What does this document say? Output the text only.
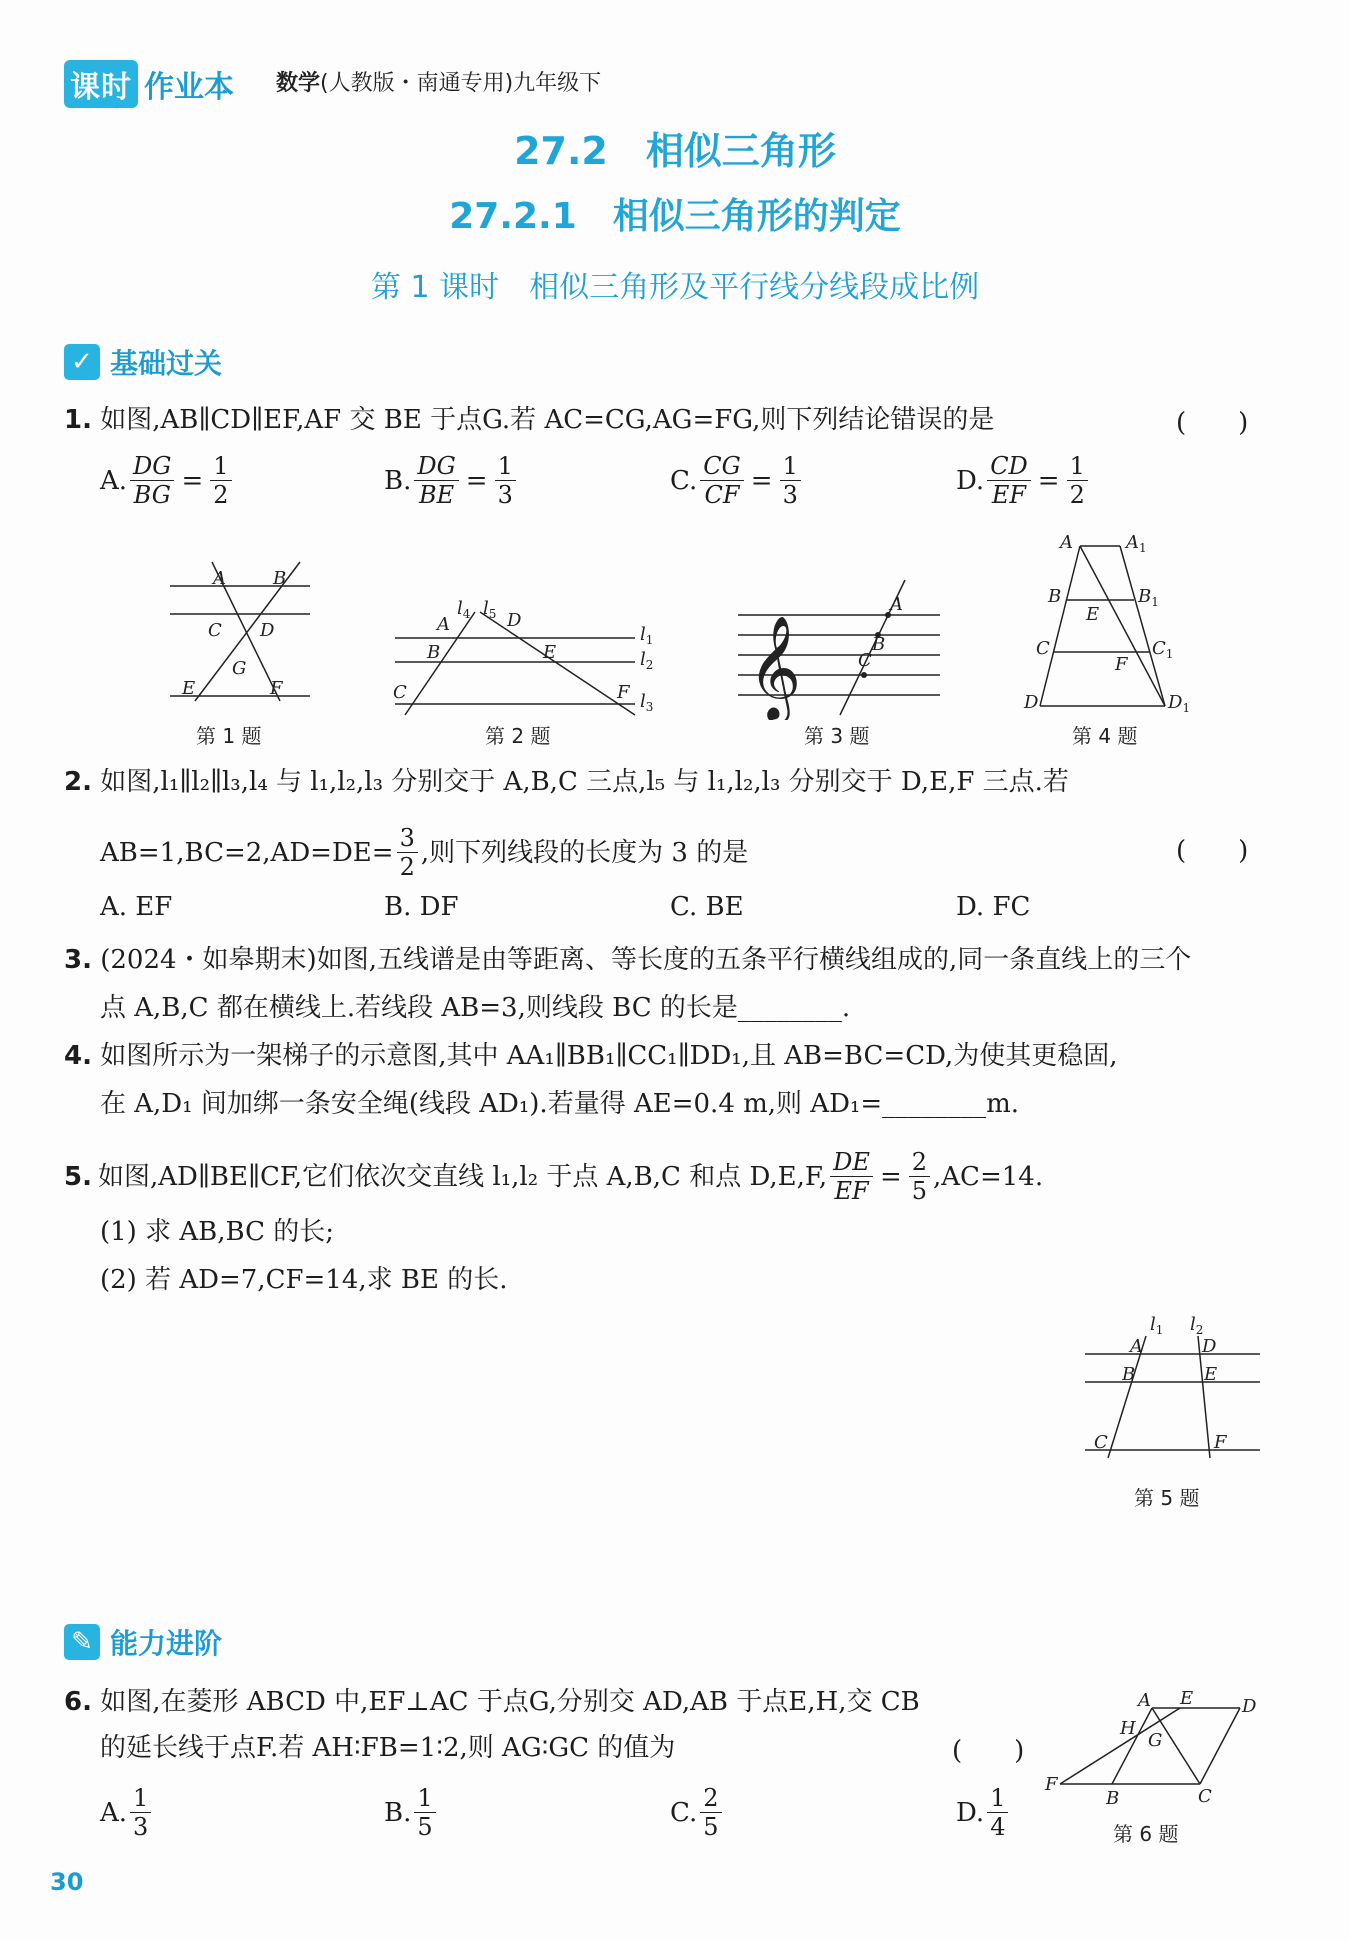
课时 作业本 数学(人教版・南通专用)九年级下
27.2　相似三角形
27.2.1　相似三角形的判定
第 1 课时　相似三角形及平行线分线段成比例
✓ 基础过关
1. 如图,AB∥CD∥EF,AF 交 BE 于点G.若 AC=CG,AG=FG,则下列结论错误的是	(　　)
A. $\frac{DG}{BG} = \frac{1}{2}$	B. $\frac{DG}{BE} = \frac{1}{3}$	C. $\frac{CG}{CF} = \frac{1}{3}$	D. $\frac{CD}{EF} = \frac{1}{2}$
A	B
C D
G
E	F
第 1 题
A
B
C
D
E
F
$l_4$ $l_5$
$l_1$
$l_2$
$l_3$
第 2 题
𝄞
A
B
C
第 3 题
A	$A_1$
B	$B_1$
E
C	$C_1$
F
D	$D_1$
第 4 题
2. 如图,l₁∥l₂∥l₃,l₄ 与 l₁,l₂,l₃ 分别交于 A,B,C 三点,l₅ 与 l₁,l₂,l₃ 分别交于 D,E,F 三点.若
$AB=1,BC=2,AD=DE= \frac{3}{2}$ ,则下列线段的长度为 3 的是	(　　)
A. EF	B. DF	C. BE	D. FC
3. (2024・如皋期末)如图,五线谱是由等距离、等长度的五条平行横线组成的,同一条直线上的三个
点 A,B,C 都在横线上.若线段 AB=3,则线段 BC 的长是________.
4. 如图所示为一架梯子的示意图,其中 AA₁∥BB₁∥CC₁∥DD₁,且 AB=BC=CD,为使其更稳固,
在 A,D₁ 间加绑一条安全绳(线段 AD₁).若量得 AE=0.4 m,则 AD₁=________m.
5. 如图,AD∥BE∥CF,它们依次交直线 l₁,l₂ 于点 A,B,C 和点 D,E,F, $\frac{DE}{EF} = \frac{2}{5} ,AC=14$.
(1) 求 AB,BC 的长;
(2) 若 AD=7,CF=14,求 BE 的长.
A
B
C
D
E
F
$l_1$ $l_2$
第 5 题
✎ 能力进阶
6. 如图,在菱形 ABCD 中,EF⊥AC 于点G,分别交 AD,AB 于点E,H,交 CB
的延长线于点F.若 AH∶FB=1∶2,则 AG∶GC 的值为	(　　)
A. $\frac{1}{3}$	B. $\frac{1}{5}$	C. $\frac{2}{5}$	D. $\frac{1}{4}$
A E	D
H
G
F
B	C
第 6 题
30
